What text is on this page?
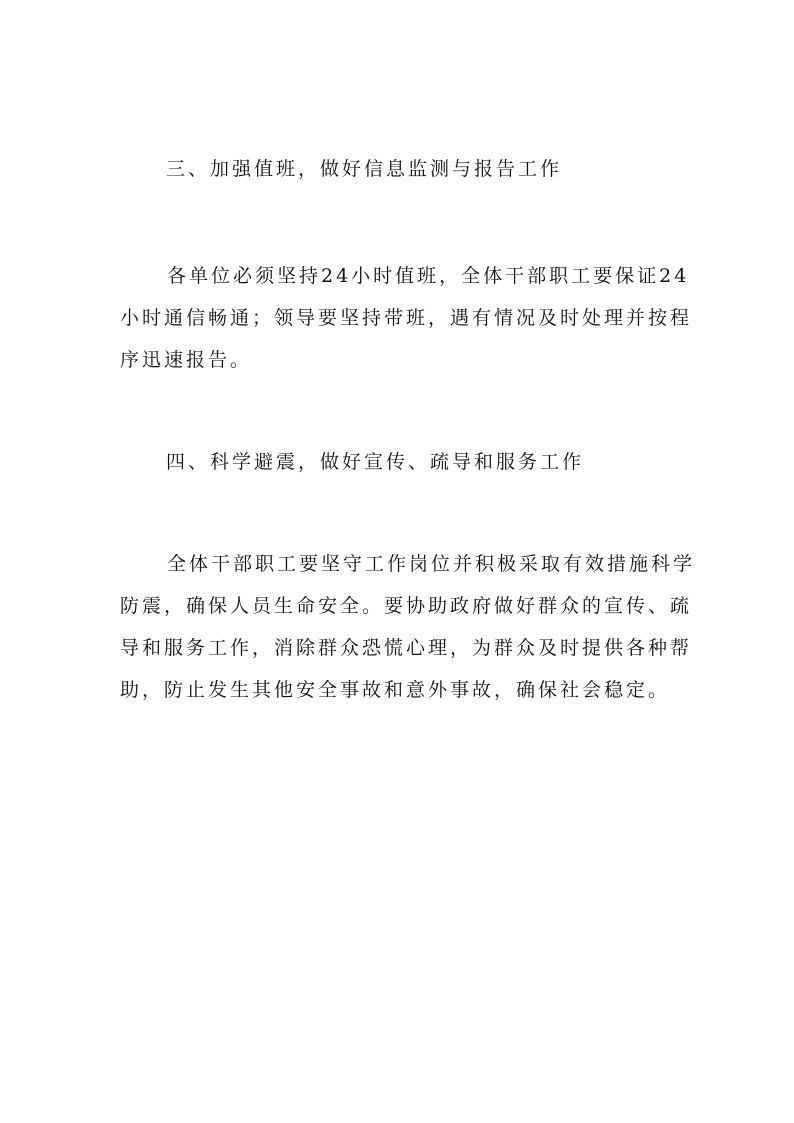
三、加强值班，做好信息监测与报告工作

各单位必须坚持24小时值班，全体干部职工要保证24小时通信畅通；领导要坚持带班，遇有情况及时处理并按程序迅速报告。

四、科学避震，做好宣传、疏导和服务工作

全体干部职工要坚守工作岗位并积极采取有效措施科学防震，确保人员生命安全。要协助政府做好群众的宣传、疏导和服务工作，消除群众恐慌心理，为群众及时提供各种帮助，防止发生其他安全事故和意外事故，确保社会稳定。
